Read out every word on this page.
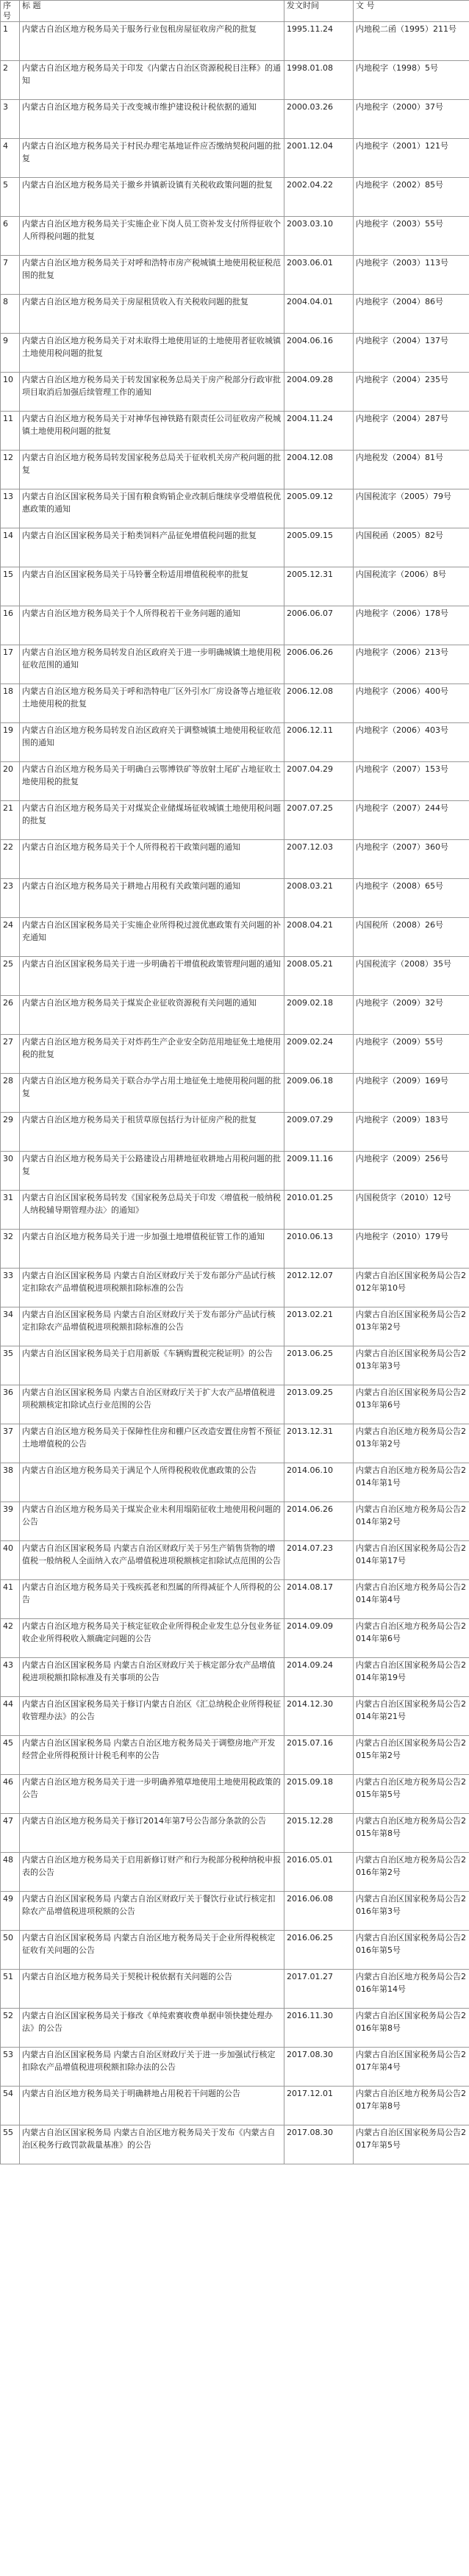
序号	标 题	发文时间	文 号
1	内蒙古自治区地方税务局关于服务行业包租房屋征收房产税的批复	1995.11.24	内地税二函（1995）211号
2	内蒙古自治区地方税务局关于印发《内蒙古自治区资源税税目注释》的通知	1998.01.08	内地税字（1998）5号
3	内蒙古自治区地方税务局关于改变城市维护建设税计税依据的通知	2000.03.26	内地税字（2000）37号
4	内蒙古自治区地方税务局关于村民办理宅基地证件应否缴纳契税问题的批复	2001.12.04	内地税字（2001）121号
5	内蒙古自治区地方税务局关于撤乡并镇新设镇有关税收政策问题的批复	2002.04.22	内地税字（2002）85号
6	内蒙古自治区地方税务局关于实施企业下岗人员工资补发支付所得征收个人所得税问题的批复	2003.03.10	内地税字（2003）55号
7	内蒙古自治区地方税务局关于对呼和浩特市房产税城镇土地使用税征税范围的批复	2003.06.01	内地税字（2003）113号
8	内蒙古自治区地方税务局关于房屋租赁收入有关税收问题的批复	2004.04.01	内地税字（2004）86号
9	内蒙古自治区地方税务局关于对未取得土地使用证的土地使用者征收城镇土地使用税问题的批复	2004.06.16	内地税字（2004）137号
10	内蒙古自治区地方税务局关于转发国家税务总局关于房产税部分行政审批项目取消后加强后续管理工作的通知	2004.09.28	内地税字（2004）235号
11	内蒙古自治区地方税务局关于对神华包神铁路有限责任公司征收房产税城镇土地使用税问题的批复	2004.11.24	内地税字（2004）287号
12	内蒙古自治区地方税务局转发国家税务总局关于征收机关房产税问题的批复	2004.12.08	内地税发（2004）81号
13	内蒙古自治区国家税务局关于国有粮食购销企业改制后继续享受增值税优惠政策的通知	2005.09.12	内国税流字（2005）79号
14	内蒙古自治区国家税务局关于粕类饲料产品征免增值税问题的批复	2005.09.15	内国税函（2005）82号
15	内蒙古自治区国家税务局关于马铃薯全粉适用增值税税率的批复	2005.12.31	内国税流字（2006）8号
16	内蒙古自治区地方税务局关于个人所得税若干业务问题的通知	2006.06.07	内地税字（2006）178号
17	内蒙古自治区地方税务局转发自治区政府关于进一步明确城镇土地使用税征收范围的通知	2006.06.26	内地税字（2006）213号
18	内蒙古自治区地方税务局关于呼和浩特电厂区外引水厂房设备等占地征收土地使用税的批复	2006.12.08	内地税字（2006）400号
19	内蒙古自治区地方税务局转发自治区政府关于调整城镇土地使用税征收范围的通知	2006.12.11	内地税字（2006）403号
20	内蒙古自治区地方税务局关于明确白云鄂博铁矿等放射土尾矿占地征收土地使用税的批复	2007.04.29	内地税字（2007）153号
21	内蒙古自治区地方税务局关于对煤炭企业储煤场征收城镇土地使用税问题的批复	2007.07.25	内地税字（2007）244号
22	内蒙古自治区地方税务局关于个人所得税若干政策问题的通知	2007.12.03	内地税字（2007）360号
23	内蒙古自治区地方税务局关于耕地占用税有关政策问题的通知	2008.03.21	内地税字（2008）65号
24	内蒙古自治区国家税务局关于实施企业所得税过渡优惠政策有关问题的补充通知	2008.04.21	内国税所（2008）26号
25	内蒙古自治区国家税务局关于进一步明确若干增值税政策管理问题的通知	2008.05.21	内国税流字（2008）35号
26	内蒙古自治区地方税务局关于煤炭企业征收资源税有关问题的通知	2009.02.18	内地税字（2009）32号
27	内蒙古自治区地方税务局关于对炸药生产企业安全防范用地征免土地使用税的批复	2009.02.24	内地税字（2009）55号
28	内蒙古自治区地方税务局关于联合办学占用土地征免土地使用税问题的批复	2009.06.18	内地税字（2009）169号
29	内蒙古自治区地方税务局关于租赁草原包括行为计征房产税的批复	2009.07.29	内地税字（2009）183号
30	内蒙古自治区地方税务局关于公路建设占用耕地征收耕地占用税问题的批复	2009.11.16	内地税字（2009）256号
31	内蒙古自治区国家税务局转发《国家税务总局关于印发〈增值税一般纳税人纳税辅导期管理办法〉的通知》	2010.01.25	内国税货字（2010）12号
32	内蒙古自治区地方税务局关于进一步加强土地增值税征管工作的通知	2010.06.13	内地税字（2010）179号
33	内蒙古自治区国家税务局 内蒙古自治区财政厅关于发布部分产品试行核定扣除农产品增值税进项税额扣除标准的公告	2012.12.07	内蒙古自治区国家税务局公告2012年第10号
34	内蒙古自治区国家税务局 内蒙古自治区财政厅关于发布部分产品试行核定扣除农产品增值税进项税额扣除标准的公告	2013.02.21	内蒙古自治区国家税务局公告2013年第2号
35	内蒙古自治区国家税务局关于启用新版《车辆购置税完税证明》的公告	2013.06.25	内蒙古自治区国家税务局公告2013年第3号
36	内蒙古自治区国家税务局 内蒙古自治区财政厅关于扩大农产品增值税进项税额核定扣除试点行业范围的公告	2013.09.25	内蒙古自治区国家税务局公告2013年第6号
37	内蒙古自治区地方税务局关于保障性住房和棚户区改造安置住房暂不预征土地增值税的公告	2013.12.31	内蒙古自治区地方税务局公告2013年第2号
38	内蒙古自治区地方税务局关于满足个人所得税税收优惠政策的公告	2014.06.10	内蒙古自治区地方税务局公告2014年第1号
39	内蒙古自治区地方税务局关于煤炭企业未利用塌陷征收土地使用税问题的公告	2014.06.26	内蒙古自治区地方税务局公告2014年第2号
40	内蒙古自治区国家税务局 内蒙古自治区财政厅关于另生产销售货物的增值税一般纳税人全面纳入农产品增值税进项税额核定扣除试点范围的公告	2014.07.23	内蒙古自治区国家税务局公告2014年第17号
41	内蒙古自治区地方税务局关于残疾孤老和烈属的所得减征个人所得税的公告	2014.08.17	内蒙古自治区地方税务局公告2014年第4号
42	内蒙古自治区地方税务局关于核定征收企业所得税企业发生总分包业务征收企业所得税收入额确定问题的公告	2014.09.09	内蒙古自治区地方税务局公告2014年第6号
43	内蒙古自治区国家税务局 内蒙古自治区财政厅关于核定部分农产品增值税进项税额扣除标准及有关事项的公告	2014.09.24	内蒙古自治区国家税务局公告2014年第19号
44	内蒙古自治区国家税务局关于修订内蒙古自治区《汇总纳税企业所得税征收管理办法》的公告	2014.12.30	内蒙古自治区国家税务局公告2014年第21号
45	内蒙古自治区国家税务局 内蒙古自治区地方税务局关于调整房地产开发经营企业所得税预计计税毛利率的公告	2015.07.16	内蒙古自治区国家税务局公告2015年第2号
46	内蒙古自治区地方税务局关于进一步明确养殖草地使用土地使用税政策的公告	2015.09.18	内蒙古自治区地方税务局公告2015年第5号
47	内蒙古自治区地方税务局关于修订2014年第7号公告部分条款的公告	2015.12.28	内蒙古自治区地方税务局公告2015年第8号
48	内蒙古自治区地方税务局关于启用新修订财产和行为税部分税种纳税申报表的公告	2016.05.01	内蒙古自治区地方税务局公告2016年第2号
49	内蒙古自治区国家税务局 内蒙古自治区财政厅关于餐饮行业试行核定扣除农产品增值税进项税额的公告	2016.06.08	内蒙古自治区国家税务局公告2016年第3号
50	内蒙古自治区国家税务局 内蒙古自治区地方税务局关于企业所得税核定征收有关问题的公告	2016.06.25	内蒙古自治区国家税务局公告2016年第5号
51	内蒙古自治区地方税务局关于契税计税依据有关问题的公告	2017.01.27	内蒙古自治区地方税务局公告2016年第14号
52	内蒙古自治区国家税务局关于修改《单纯索赛收费单据申领快捷处理办法》的公告	2016.11.30	内蒙古自治区国家税务局公告2016年第8号
53	内蒙古自治区国家税务局 内蒙古自治区财政厅关于进一步加强试行核定扣除农产品增值税进项税额扣除办法的公告	2017.08.30	内蒙古自治区国家税务局公告2017年第4号
54	内蒙古自治区地方税务局关于明确耕地占用税若干问题的公告	2017.12.01	内蒙古自治区地方税务局公告2017年第8号
55	内蒙古自治区国家税务局 内蒙古自治区地方税务局关于发布《内蒙古自治区税务行政罚款裁量基准》的公告	2017.08.30	内蒙古自治区国家税务局公告2017年第5号
